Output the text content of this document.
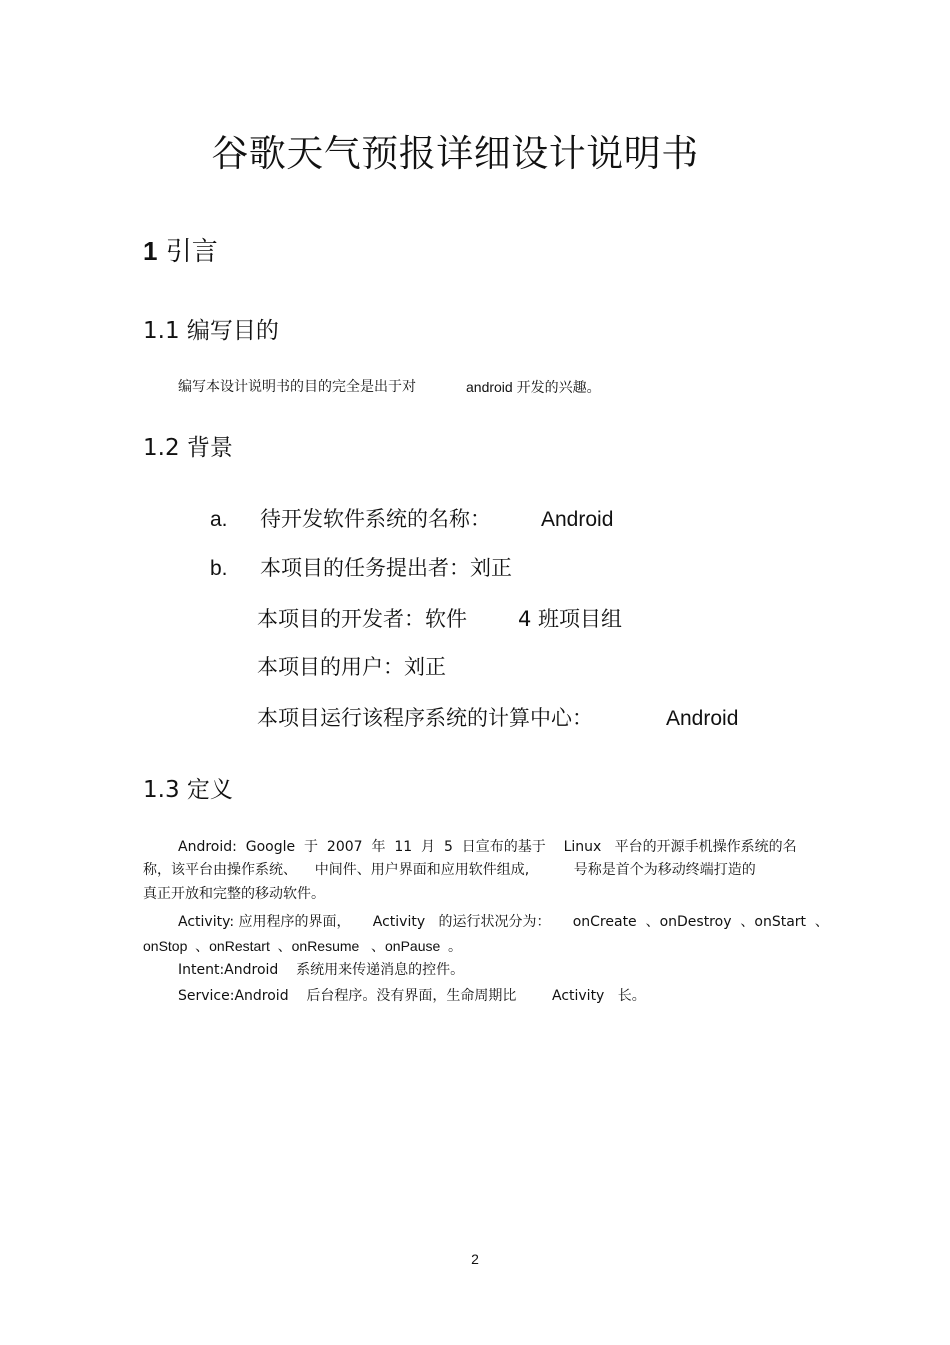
谷歌天气预报详细设计说明书
1 引言
1.1 编写目的
编写本设计说明书的目的完全是出于对	android 开发的兴趣。
1.2 背景
a. 待开发软件系统的名称： Android
b. 本项目的任务提出者：刘正
本项目的开发者：软件 4 班项目组
本项目的用户：刘正
本项目运行该程序系统的计算中心：	Android
1.3 定义
Android:  Google  于  2007  年  11  月  5  日宣布的基于    Linux   平台的开源手机操作系统的名
称，该平台由操作系统、    中间件、用户界面和应用软件组成,          号称是首个为移动终端打造的
真正开放和完整的移动软件。
Activity: 应用程序的界面，     Activity   的运行状况分为：     onCreate  、onDestroy  、onStart  、
onStop  、onRestart  、onResume   、onPause  。
Intent:Android    系统用来传递消息的控件。
Service:Android    后台程序。没有界面，生命周期比        Activity   长。
2
